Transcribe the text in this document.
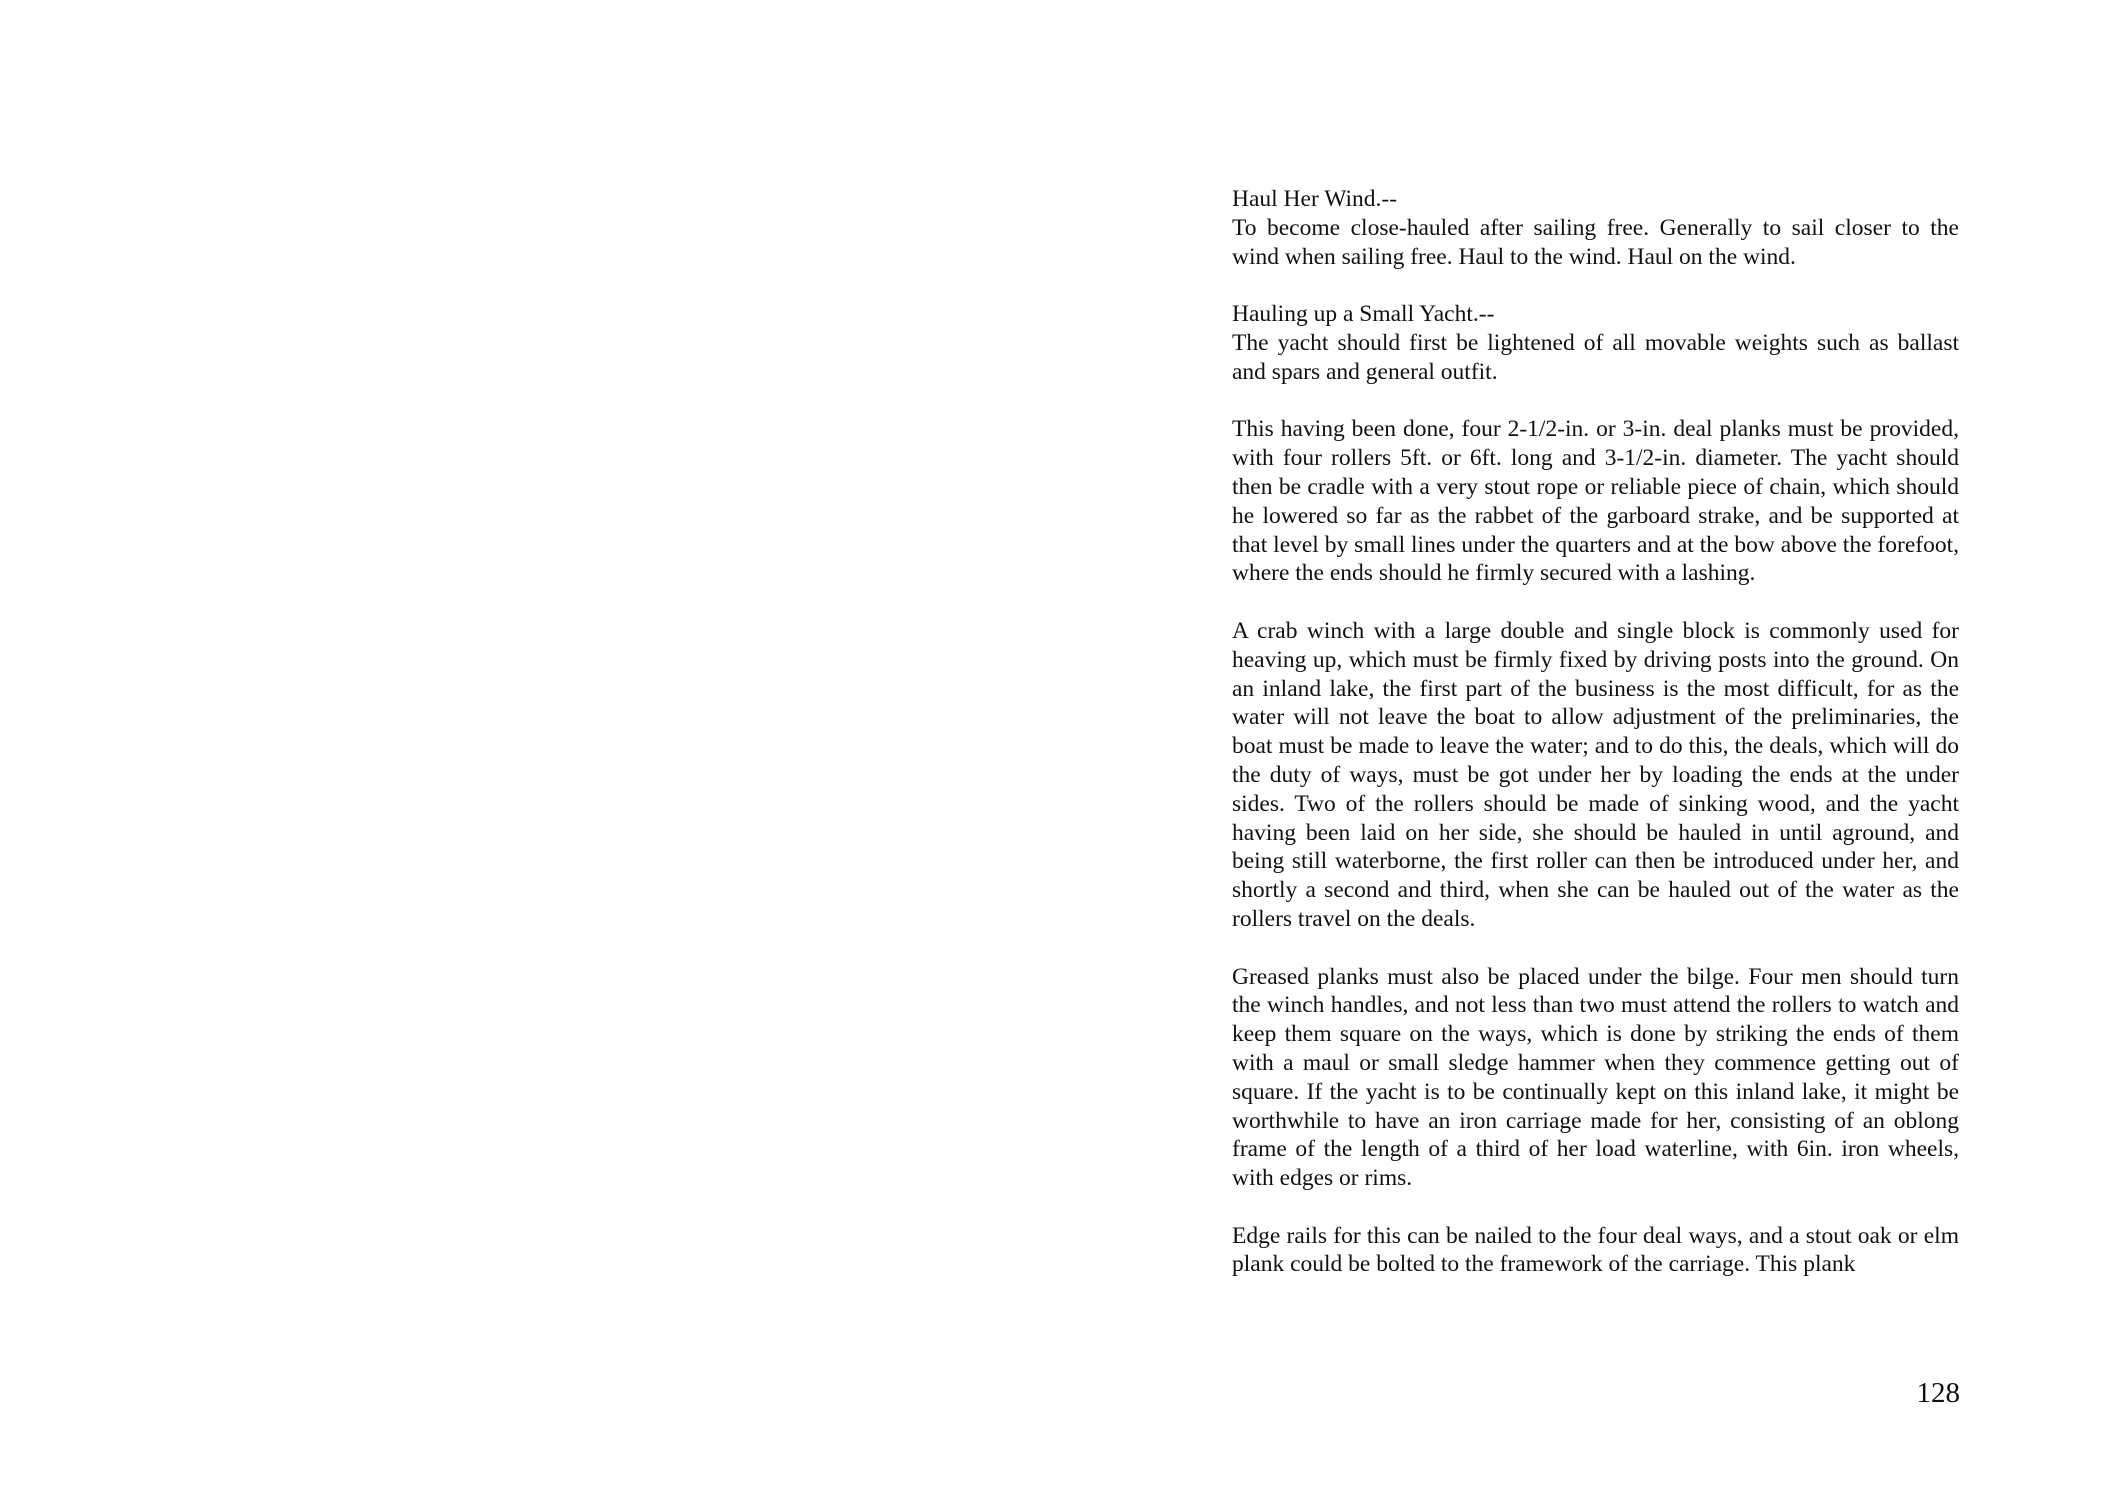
Haul Her Wind.--
To become close-hauled after sailing free. Generally to sail closer to the wind when sailing free. Haul to the wind. Haul on the wind.
Hauling up a Small Yacht.--
The yacht should first be lightened of all movable weights such as ballast and spars and general outfit.
This having been done, four 2-1/2-in. or 3-in. deal planks must be provided, with four rollers 5ft. or 6ft. long and 3-1/2-in. diameter. The yacht should then be cradle with a very stout rope or reliable piece of chain, which should he lowered so far as the rabbet of the garboard strake, and be supported at that level by small lines under the quarters and at the bow above the forefoot, where the ends should he firmly secured with a lashing.
A crab winch with a large double and single block is commonly used for heaving up, which must be firmly fixed by driving posts into the ground. On an inland lake, the first part of the business is the most difficult, for as the water will not leave the boat to allow adjustment of the preliminaries, the boat must be made to leave the water; and to do this, the deals, which will do the duty of ways, must be got under her by loading the ends at the under sides. Two of the rollers should be made of sinking wood, and the yacht having been laid on her side, she should be hauled in until aground, and being still waterborne, the first roller can then be introduced under her, and shortly a second and third, when she can be hauled out of the water as the rollers travel on the deals.
Greased planks must also be placed under the bilge. Four men should turn the winch handles, and not less than two must attend the rollers to watch and keep them square on the ways, which is done by striking the ends of them with a maul or small sledge hammer when they commence getting out of square. If the yacht is to be continually kept on this inland lake, it might be worthwhile to have an iron carriage made for her, consisting of an oblong frame of the length of a third of her load waterline, with 6in. iron wheels, with edges or rims.
Edge rails for this can be nailed to the four deal ways, and a stout oak or elm plank could be bolted to the framework of the carriage. This plank
128
